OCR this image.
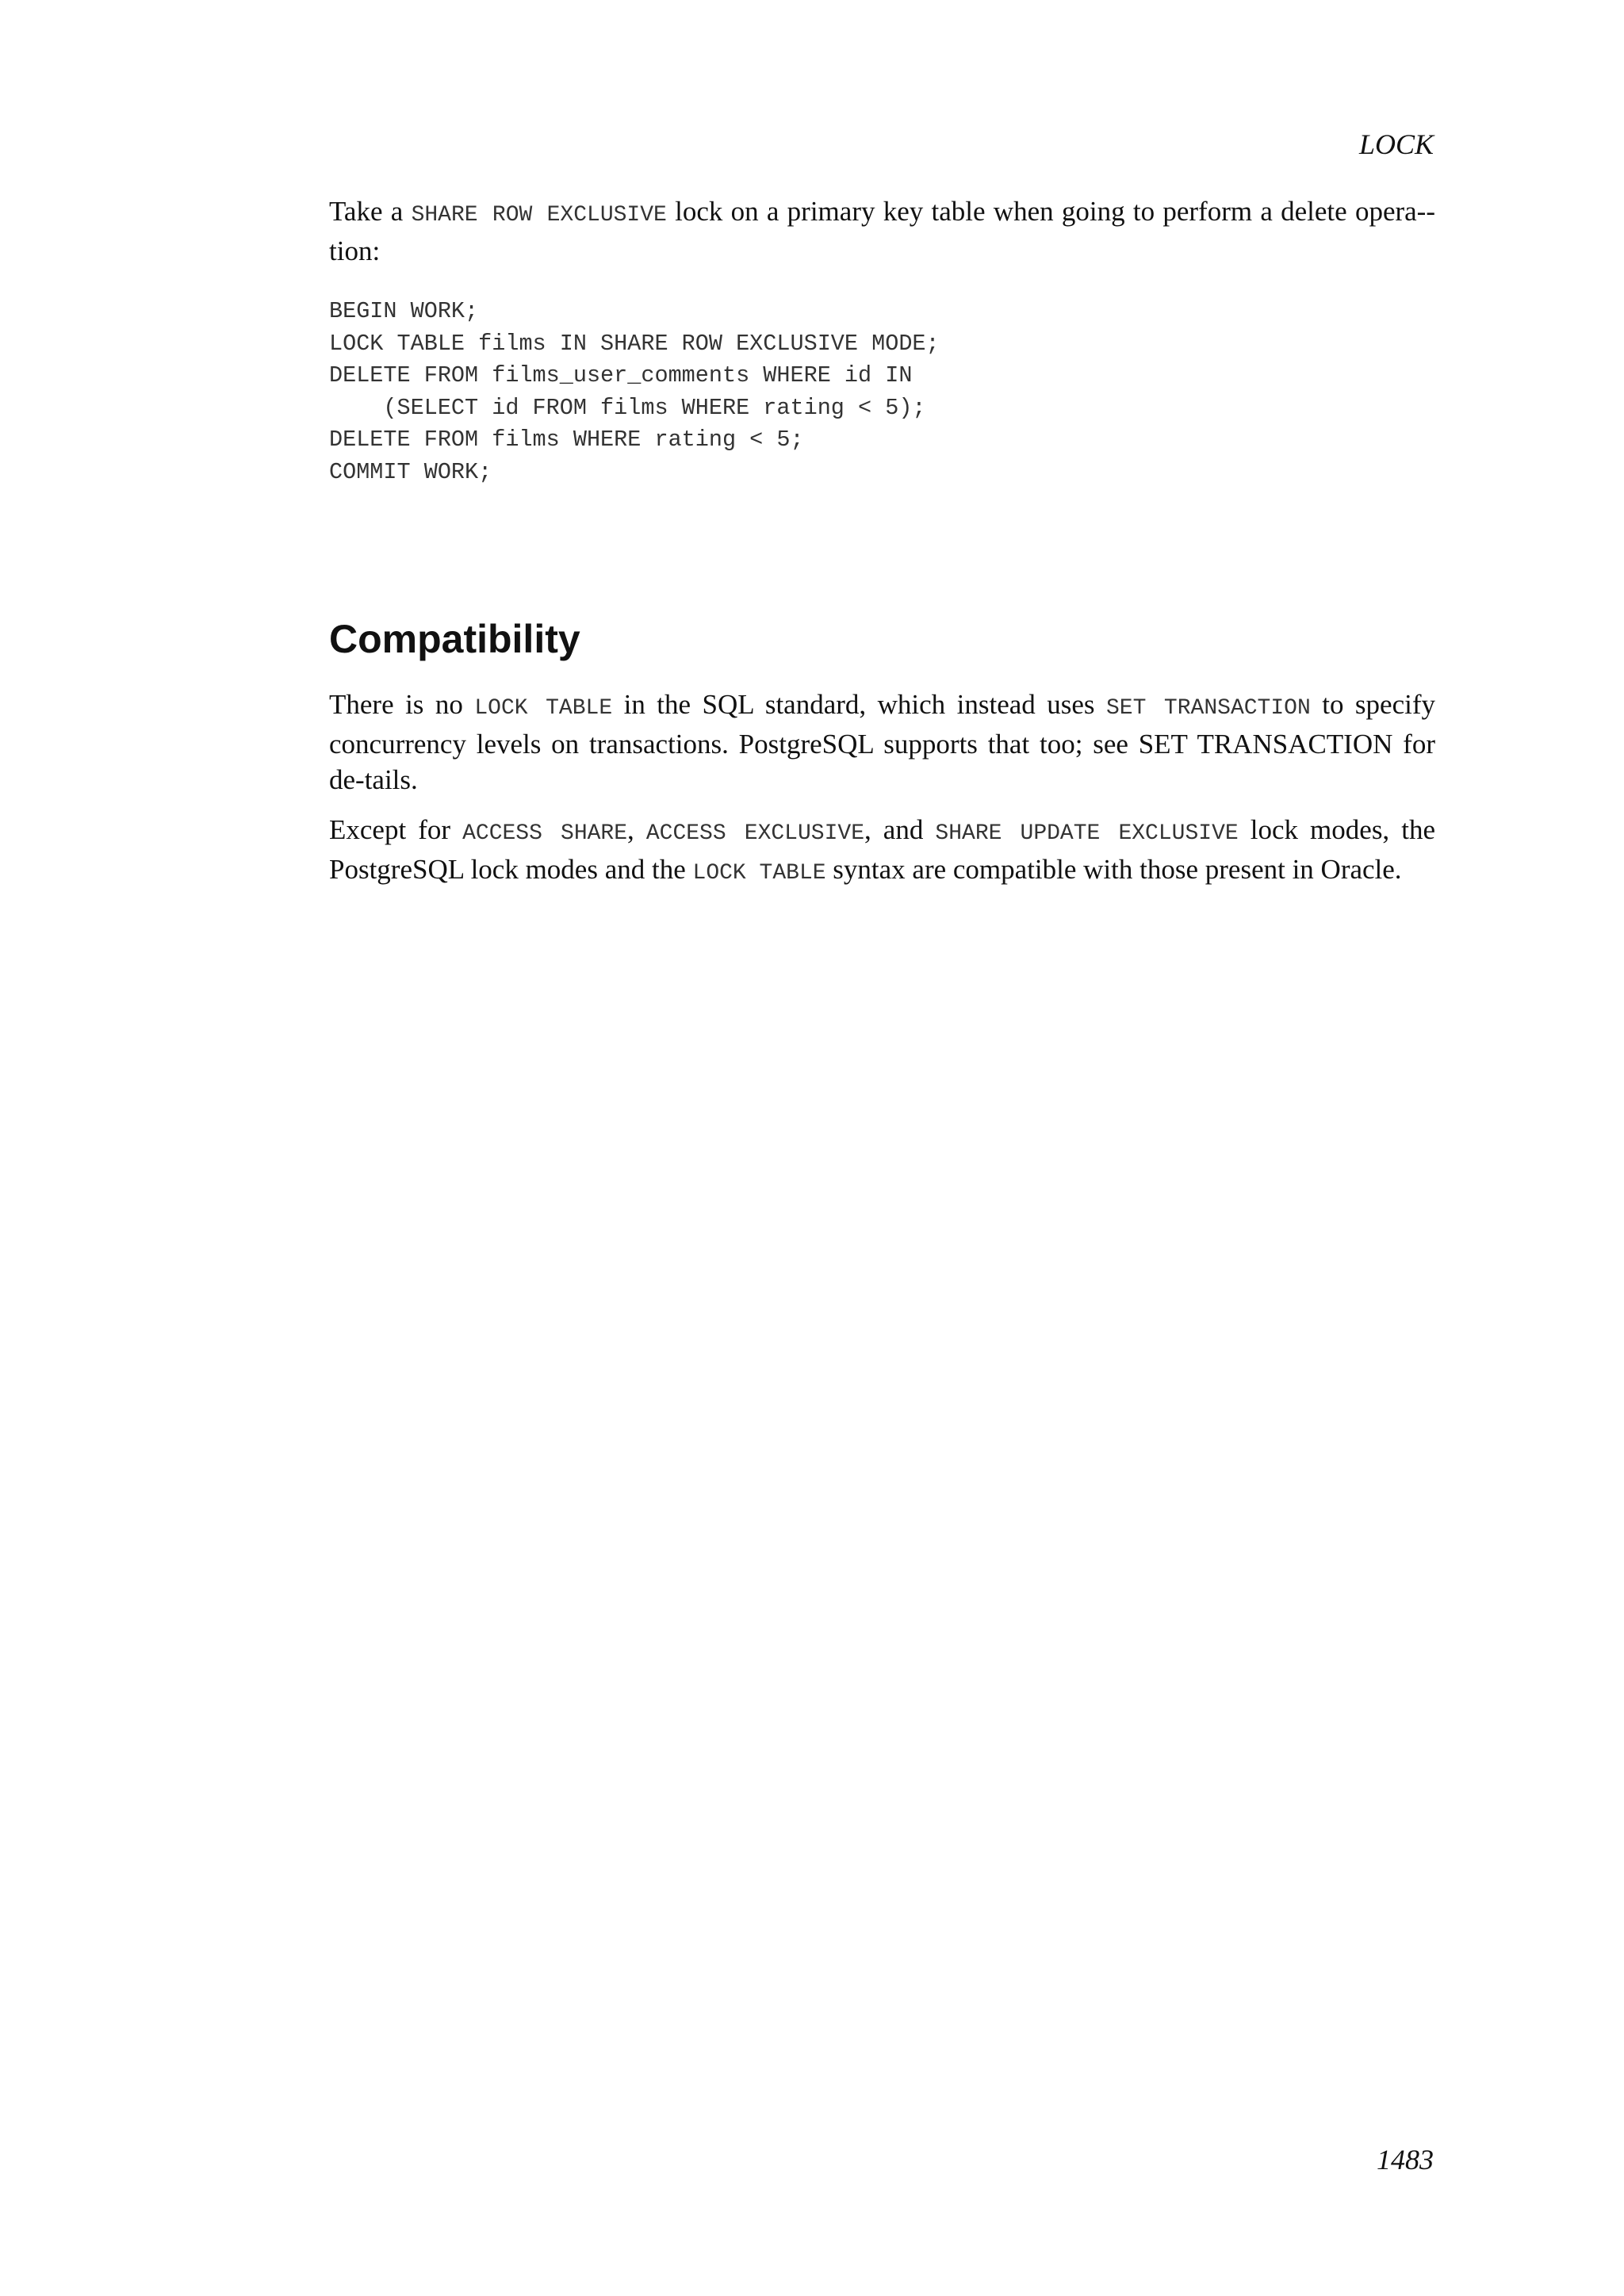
LOCK

Take a SHARE ROW EXCLUSIVE lock on a primary key table when going to perform a delete opera-tion:

BEGIN WORK;
LOCK TABLE films IN SHARE ROW EXCLUSIVE MODE;
DELETE FROM films_user_comments WHERE id IN
(SELECT id FROM films WHERE rating < 5);
DELETE FROM films WHERE rating < 5;
COMMIT WORK;
Compatibility

There is no LOCK TABLE in the SQL standard, which instead uses SET TRANSACTION to specify concurrency levels on transactions. PostgreSQL supports that too; see SET TRANSACTION for de-tails.

Except for ACCESS SHARE, ACCESS EXCLUSIVE, and SHARE UPDATE EXCLUSIVE lock modes, the PostgreSQL lock modes and the LOCK TABLE syntax are compatible with those present in Oracle.

1483
